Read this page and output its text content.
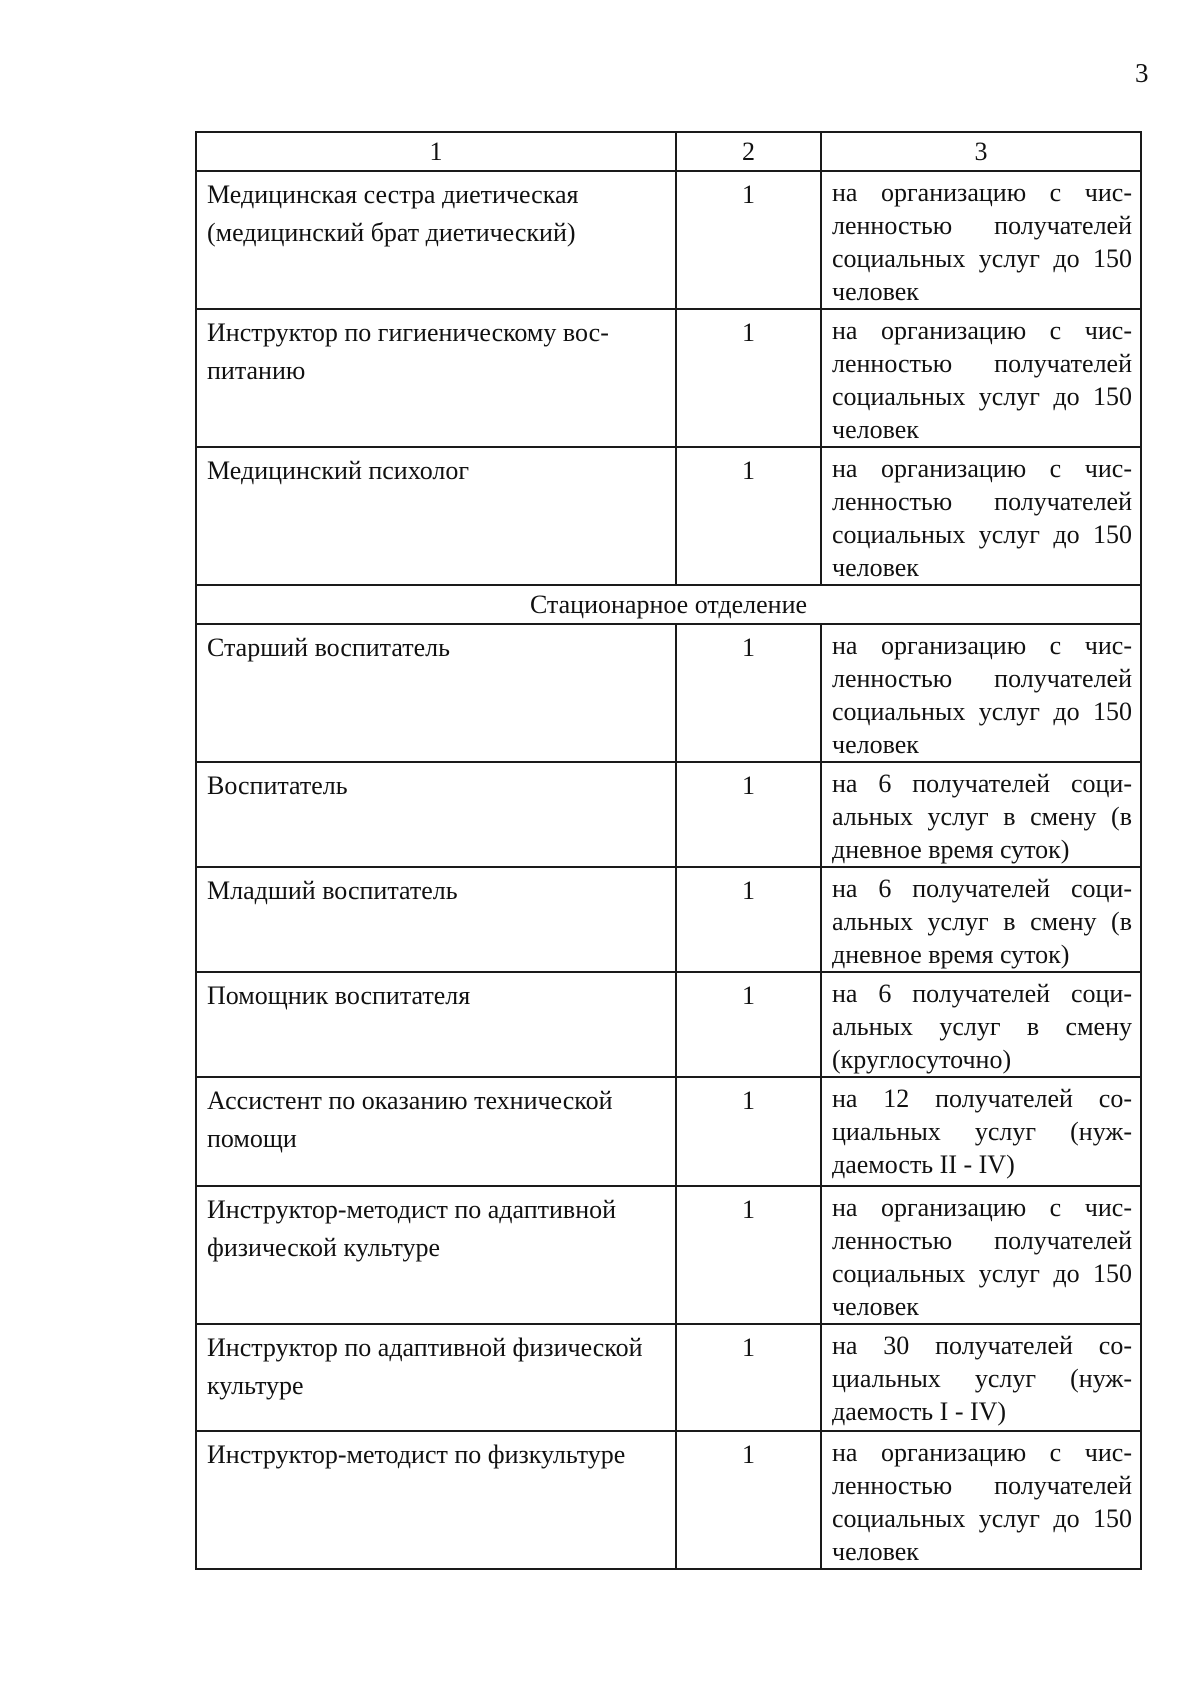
3
1	2	3
Медицинская сестра диетическая (медицинский брат диетический)	1	на организацию с численностью получателей социальных услуг до 150 человек
Инструктор по гигиеническому воспитанию	1	на организацию с численностью получателей социальных услуг до 150 человек
Медицинский психолог	1	на организацию с численностью получателей социальных услуг до 150 человек
Стационарное отделение		
Старший воспитатель	1	на организацию с численностью получателей социальных услуг до 150 человек
Воспитатель	1	на 6 получателей социальных услуг в смену (в дневное время суток)
Младший воспитатель	1	на 6 получателей социальных услуг в смену (в дневное время суток)
Помощник воспитателя	1	на 6 получателей социальных услуг в смену (круглосуточно)
Ассистент по оказанию технической помощи	1	на 12 получателей социальных услуг (нуждаемость II - IV)
Инструктор-методист по адаптивной физической культуре	1	на организацию с численностью получателей социальных услуг до 150 человек
Инструктор по адаптивной физической культуре	1	на 30 получателей социальных услуг (нуждаемость I - IV)
Инструктор-методист по физкультуре	1	на организацию с численностью получателей социальных услуг до 150 человек
